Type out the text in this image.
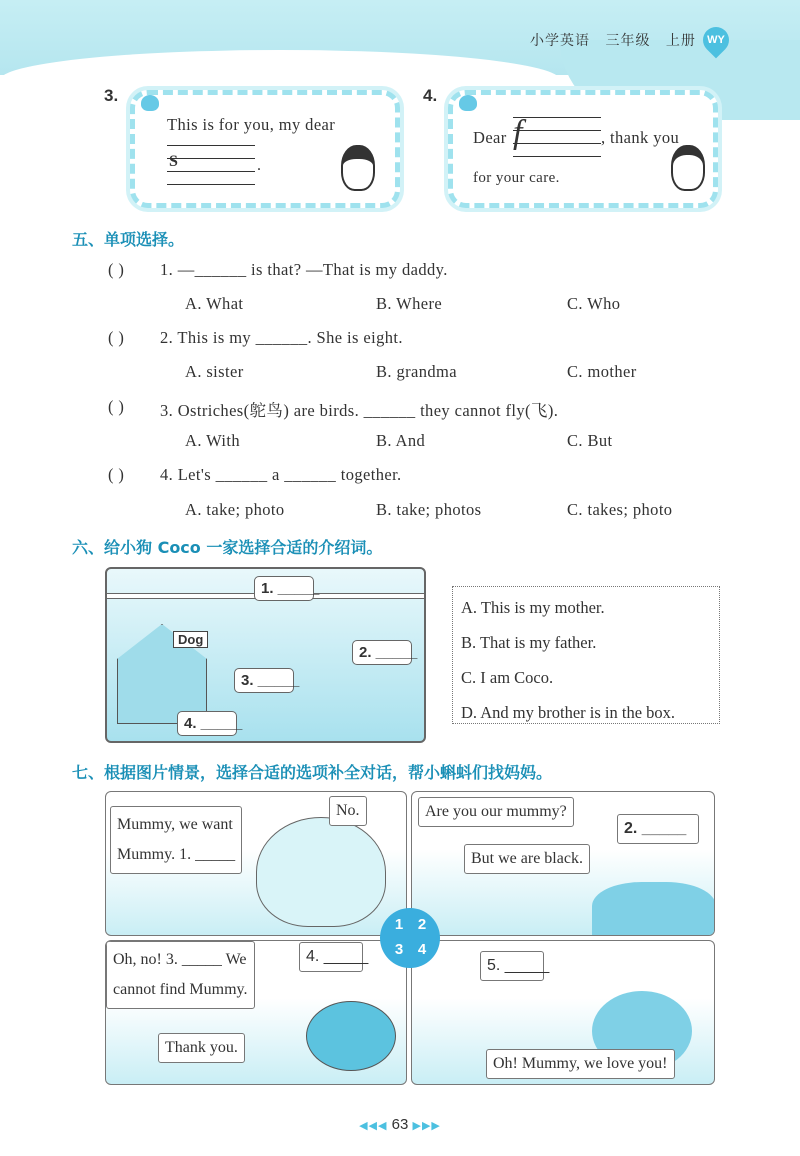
小学英语 三年级 上册	WY
3.
This is for you, my dear
S	.
4.
Dear f	, thank you
for your care.
五、单项选择。
( ) 1. —______ is that? —That is my daddy.
A. What	B. Where	C. Who
( ) 2. This is my ______. She is eight.
A. sister	B. grandma	C. mother
( ) 3. Ostriches(鸵鸟) are birds. ______ they cannot fly(飞).
A. With	B. And	C. But
( ) 4. Let's ______ a ______ together.
A. take; photo	B. take; photos	C. takes; photo
六、给小狗 Coco 一家选择合适的介绍词。
Dog
1. _____
2. _____
3. _____
4. _____
A. This is my mother.
B. That is my father.
C. I am Coco.
D. And my brother is in the box.
七、根据图片情景，选择合适的选项补全对话，帮小蝌蚪们找妈妈。
Mummy, we want
Mummy. 1. _____
No.	Are you our mummy?
2. _____
But we are black.
Oh, no! 3. _____ We
cannot find Mummy.
4. _____
Thank you.
5. _____
Oh! Mummy, we love you!
1 2
3 4
◀◀◀ 63 ▶▶▶
